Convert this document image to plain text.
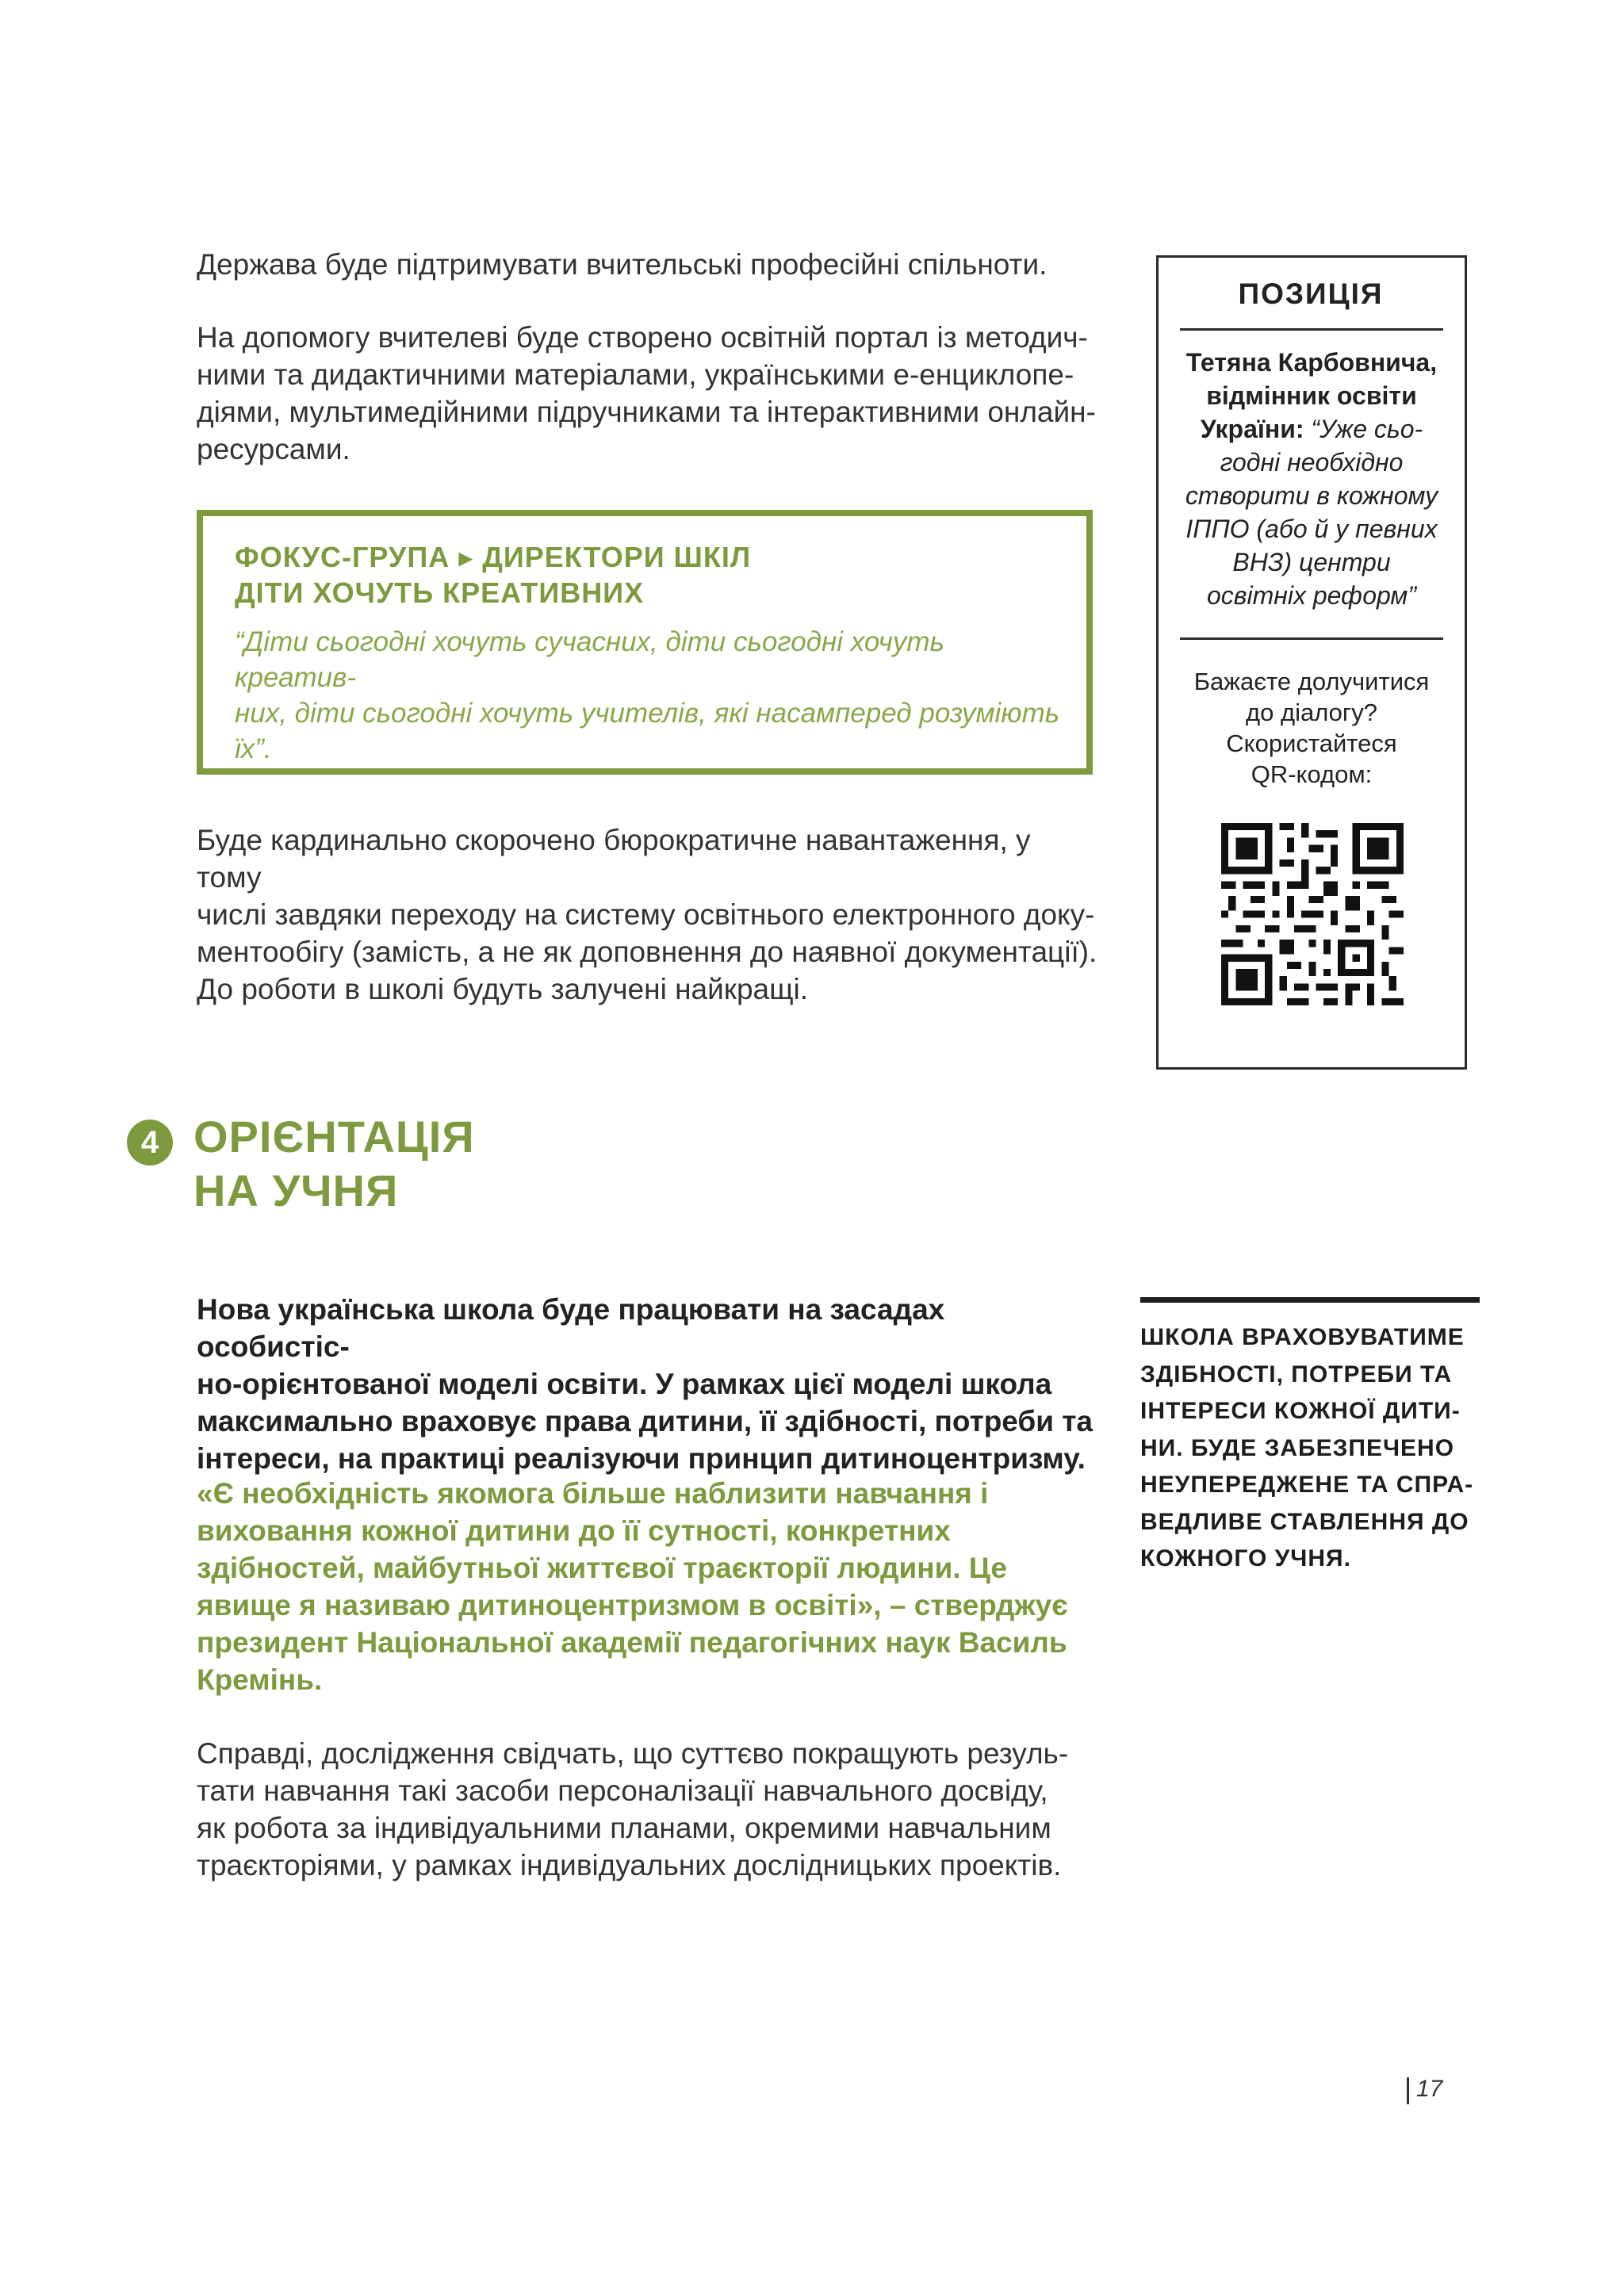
Держава буде підтримувати вчительські професійні спільноти.

На допомогу вчителеві буде створено освітній портал із методич-

ними та дидактичними матеріалами, українськими е-енциклопе-

діями, мультимедійними підручниками та інтерактивними онлайн-

ресурсами.

ФОКУС-ГРУПА ▸ ДИРЕКТОРИ ШКІЛ
ДІТИ ХОЧУТЬ КРЕАТИВНИХ
“Діти сьогодні хочуть сучасних, діти сьогодні хочуть креатив-
них, діти сьогодні хочуть учителів, які насамперед розуміють
їх”.

Буде кардинально скорочено бюрократичне навантаження, у тому

числі завдяки переходу на систему освітнього електронного доку-

ментообігу (замість, а не як доповнення до наявної документації).

До роботи в школі будуть залучені найкращі.

ПОЗИЦІЯ
Тетяна Карбовнича,
відмінник освіти
України: “Уже сьо-
годні необхідно
створити в кожному
ІППО (або й у певних
ВНЗ) центри
освітніх реформ”
Бажаєте долучитися
до діалогу?
Скористайтеся
QR-кодом:
4 ОРІЄНТАЦІЯ
НА УЧНЯ
Нова українська школа буде працювати на засадах особистіс-
но-орієнтованої моделі освіти. У рамках цієї моделі школа
максимально враховує права дитини, її здібності, потреби та
інтереси, на практиці реалізуючи принцип дитиноцентризму.
«Є необхідність якомога більше наблизити навчання і
виховання кожної дитини до її сутності, конкретних
здібностей, майбутньої життєвої траєкторії людини. Це
явище я називаю дитиноцентризмом в освіті», – стверджує
президент Національної академії педагогічних наук Василь
Кремінь.

Справді, дослідження свідчать, що суттєво покращують резуль-

тати навчання такі засоби персоналізації навчального досвіду,

як робота за індивідуальними планами, окремими навчальним

траєкторіями, у рамках індивідуальних дослідницьких проектів.

ШКОЛА ВРАХОВУВАТИМЕ
ЗДІБНОСТІ, ПОТРЕБИ ТА
ІНТЕРЕСИ КОЖНОЇ ДИТИ-
НИ. БУДЕ ЗАБЕЗПЕЧЕНО
НЕУПЕРЕДЖЕНЕ ТА СПРА-
ВЕДЛИВЕ СТАВЛЕННЯ ДО
КОЖНОГО УЧНЯ.
17
